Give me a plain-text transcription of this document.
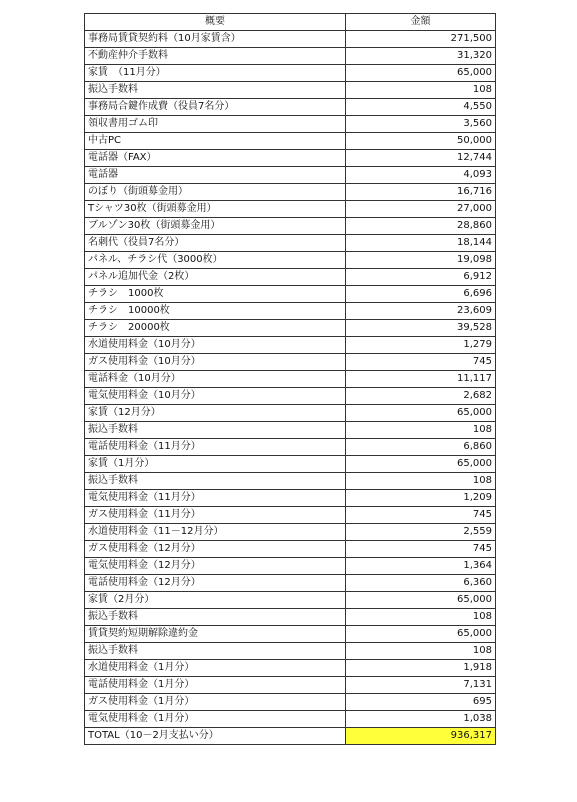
概要	金額
事務局賃貸契約料（10月家賃含）	271,500
不動産仲介手数料	31,320
家賃　（11月分）	65,000
振込手数料	108
事務局合鍵作成費（役員7名分）	4,550
領収書用ゴム印	3,560
中古PC	50,000
電話器（FAX）	12,744
電話器	4,093
のぼり（街頭募金用）	16,716
Tシャツ30枚（街頭募金用）	27,000
ブルゾン30枚（街頭募金用）	28,860
名刺代（役員7名分）	18,144
パネル、チラシ代（3000枚）	19,098
パネル追加代金（2枚）	6,912
チラシ　1000枚	6,696
チラシ　10000枚	23,609
チラシ　20000枚	39,528
水道使用料金（10月分）	1,279
ガス使用料金（10月分）	745
電話料金（10月分）	11,117
電気使用料金（10月分）	2,682
家賃（12月分）	65,000
振込手数料	108
電話使用料金（11月分）	6,860
家賃（1月分）	65,000
振込手数料	108
電気使用料金（11月分）	1,209
ガス使用料金（11月分）	745
水道使用料金（11－12月分）	2,559
ガス使用料金（12月分）	745
電気使用料金（12月分）	1,364
電話使用料金（12月分）	6,360
家賃（2月分）	65,000
振込手数料	108
賃貸契約短期解除違約金	65,000
振込手数料	108
水道使用料金（1月分）	1,918
電話使用料金（1月分）	7,131
ガス使用料金（1月分）	695
電気使用料金（1月分）	1,038
TOTAL（10－2月支払い分）	936,317
